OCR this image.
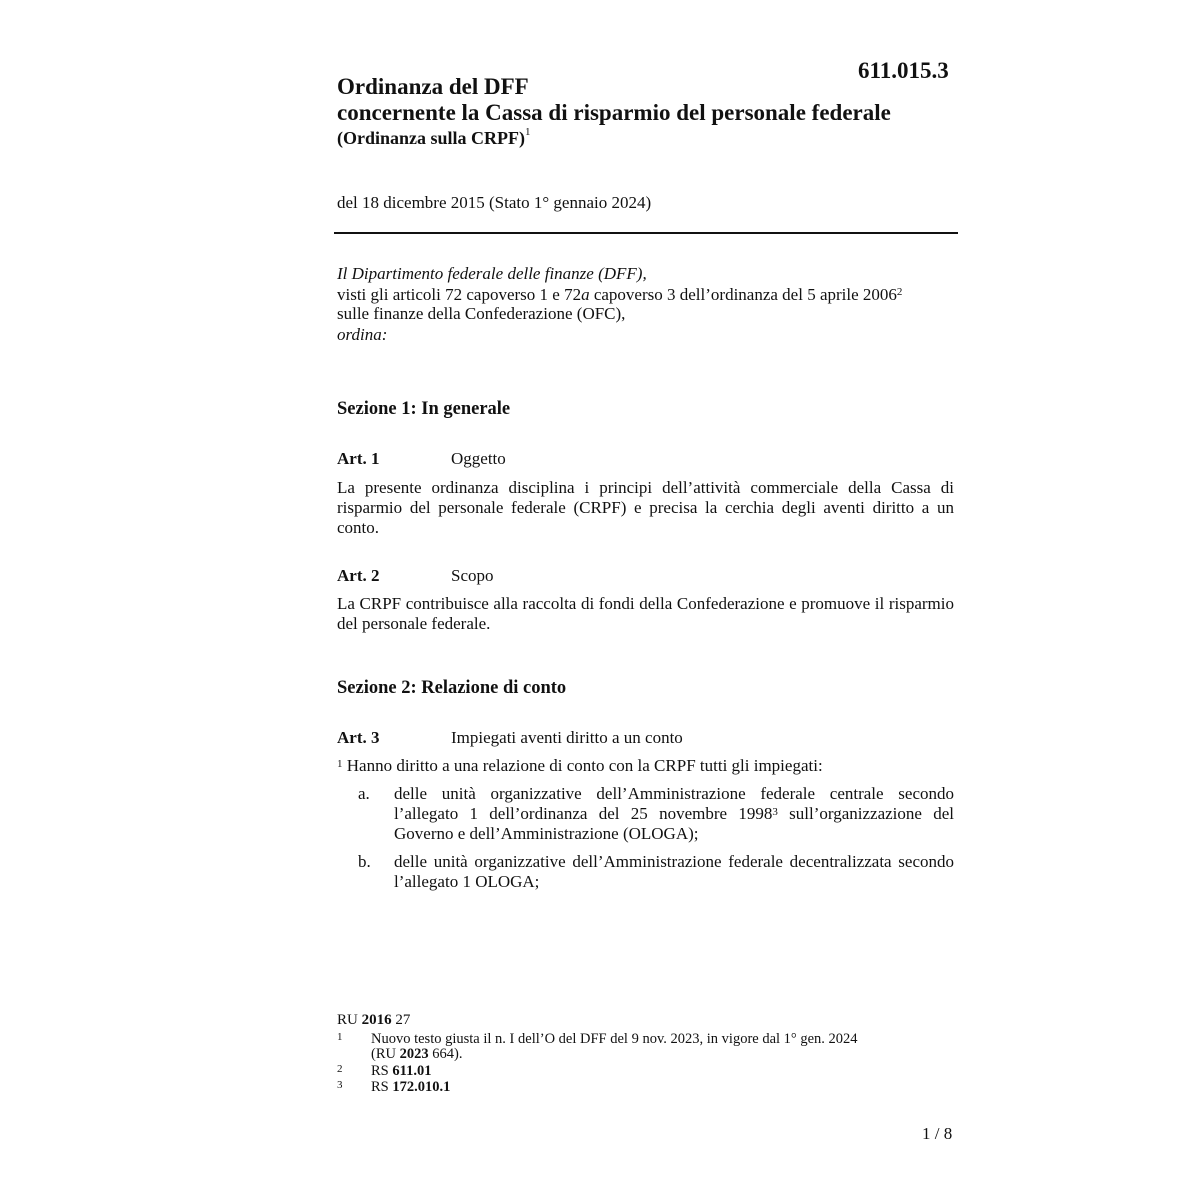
611.015.3
Ordinanza del DFF
concernente la Cassa di risparmio del personale federale
(Ordinanza sulla CRPF)$^1$
del 18 dicembre 2015 (Stato 1° gennaio 2024)

Il Dipartimento federale delle finanze (DFF),

visti gli articoli 72 capoverso 1 e 72a capoverso 3 dell’ordinanza del 5 aprile 2006$^2$

sulle finanze della Confederazione (OFC),

ordina:

Sezione 1: In generale
Art. 1	Oggetto
La presente ordinanza disciplina i principi dell’attività commerciale della Cassa di risparmio del personale federale (CRPF) e precisa la cerchia degli aventi diritto a un conto.
Art. 2	Scopo
La CRPF contribuisce alla raccolta di fondi della Confederazione e promuove il risparmio del personale federale.
Sezione 2: Relazione di conto
Art. 3	Impiegati aventi diritto a un conto
$^1$ Hanno diritto a una relazione di conto con la CRPF tutti gli impiegati:
a. delle unità organizzative dell’Amministrazione federale centrale secondo l’allegato 1 dell’ordinanza del 25 novembre 1998$^3$ sull’organizzazione del Governo e dell’Amministrazione (OLOGA);
b. delle unità organizzative dell’Amministrazione federale decentralizzata secondo l’allegato 1 OLOGA;
RU 2016 27
1 Nuovo testo giusta il n. I dell’O del DFF del 9 nov. 2023, in vigore dal 1° gen. 2024
(RU 2023 664).
2 RS 611.01
3 RS 172.010.1
1 / 8
